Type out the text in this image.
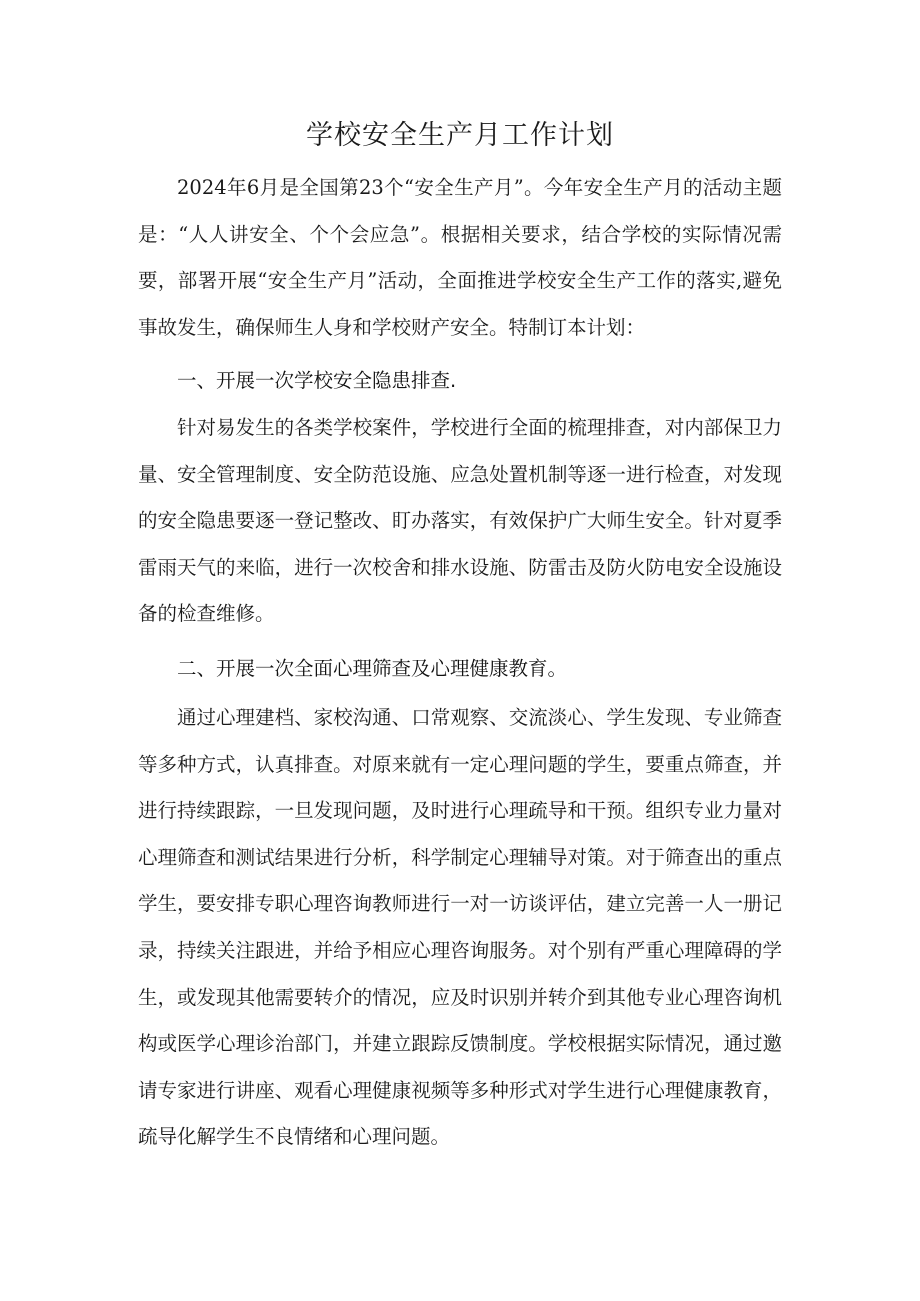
学校安全生产月工作计划

2024年6月是全国第23个“安全生产月”。今年安全生产月的活动主题是：“人人讲安全、个个会应急”。根据相关要求，结合学校的实际情况需要，部署开展“安全生产月”活动，全面推进学校安全生产工作的落实,避免事故发生，确保师生人身和学校财产安全。特制订本计划：

一、开展一次学校安全隐患排查.

针对易发生的各类学校案件，学校进行全面的梳理排查，对内部保卫力量、安全管理制度、安全防范设施、应急处置机制等逐一进行检查，对发现的安全隐患要逐一登记整改、盯办落实，有效保护广大师生安全。针对夏季雷雨天气的来临，进行一次校舍和排水设施、防雷击及防火防电安全设施设备的检查维修。

二、开展一次全面心理筛查及心理健康教育。

通过心理建档、家校沟通、口常观察、交流淡心、学生发现、专业筛查等多种方式，认真排查。对原来就有一定心理问题的学生，要重点筛查，并进行持续跟踪，一旦发现问题，及时进行心理疏导和干预。组织专业力量对心理筛查和测试结果进行分析，科学制定心理辅导对策。对于筛查出的重点学生，要安排专职心理咨询教师进行一对一访谈评估，建立完善一人一册记录，持续关注跟进，并给予相应心理咨询服务。对个别有严重心理障碍的学生，或发现其他需要转介的情况，应及时识别并转介到其他专业心理咨询机构或医学心理诊治部门，并建立跟踪反馈制度。学校根据实际情况，通过邀请专家进行讲座、观看心理健康视频等多种形式对学生进行心理健康教育，疏导化解学生不良情绪和心理问题。
